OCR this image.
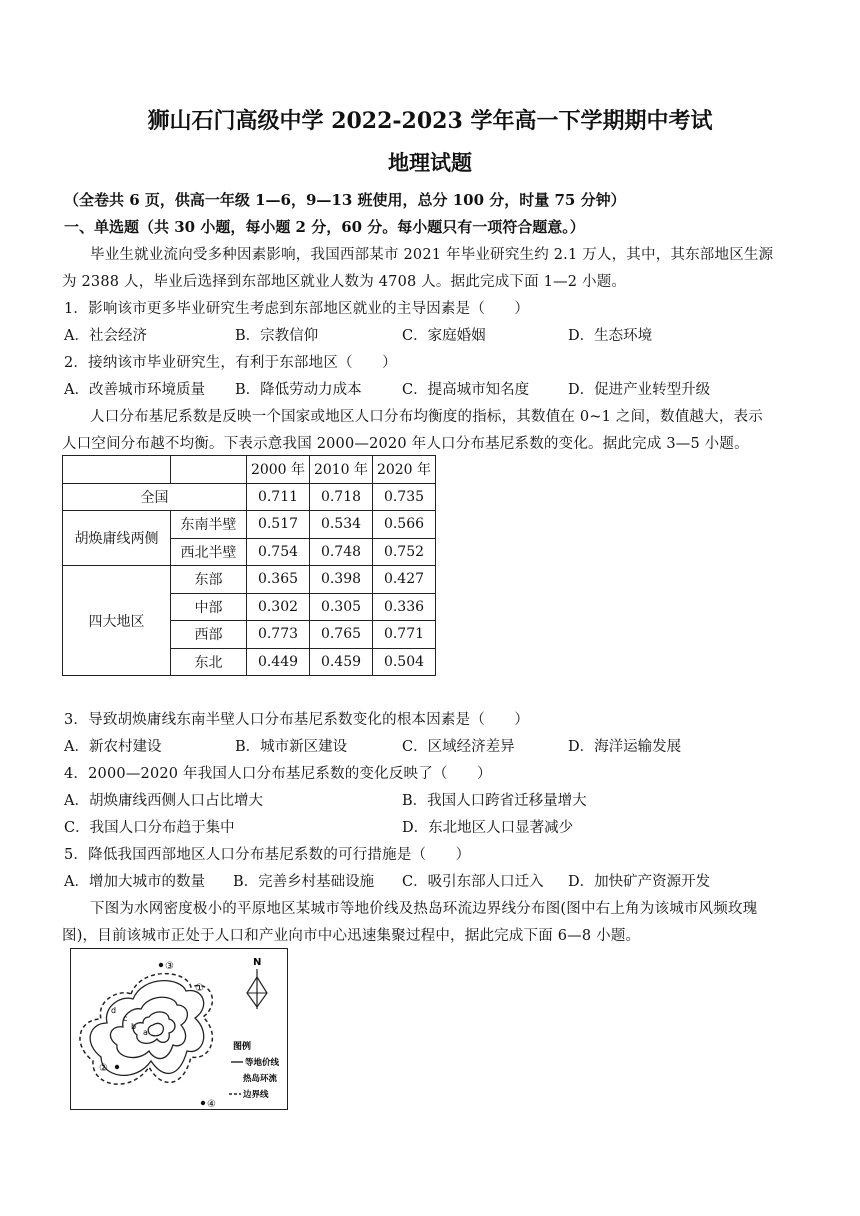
狮山石门高级中学 2022-2023 学年高一下学期期中考试
地理试题
（全卷共 6 页，供高一年级 1—6，9—13 班使用，总分 100 分，时量 75 分钟）
一、单选题（共 30 小题，每小题 2 分，60 分。每小题只有一项符合题意。）
毕业生就业流向受多种因素影响，我国西部某市 2021 年毕业研究生约 2.1 万人，其中，其东部地区生源
为 2388 人，毕业后选择到东部地区就业人数为 4708 人。据此完成下面 1—2 小题。
1．影响该市更多毕业研究生考虑到东部地区就业的主导因素是（　　）
A．社会经济	B．宗教信仰	C．家庭婚姻	D．生态环境
2．接纳该市毕业研究生，有利于东部地区（　　）
A．改善城市环境质量 B．降低劳动力成本	C．提高城市知名度	D．促进产业转型升级
人口分布基尼系数是反映一个国家或地区人口分布均衡度的指标，其数值在 0~1 之间，数值越大，表示
人口空间分布越不均衡。下表示意我国 2000—2020 年人口分布基尼系数的变化。据此完成 3—5 小题。
		2000 年	2010 年	2020 年
全国		0.711	0.718	0.735
胡焕庸线两侧	东南半壁	0.517	0.534	0.566
	西北半壁	0.754	0.748	0.752
四大地区	东部	0.365	0.398	0.427
	中部	0.302	0.305	0.336
	西部	0.773	0.765	0.771
	东北	0.449	0.459	0.504
3．导致胡焕庸线东南半壁人口分布基尼系数变化的根本因素是（　　）
A．新农村建设	B．城市新区建设	C．区域经济差异	D．海洋运输发展
4．2000—2020 年我国人口分布基尼系数的变化反映了（　　）
A．胡焕庸线西侧人口占比增大	B．我国人口跨省迁移量增大
C．我国人口分布趋于集中	D．东北地区人口显著减少
5．降低我国西部地区人口分布基尼系数的可行措施是（　　）
A．增加大城市的数量 B．完善乡村基础设施 C．吸引东部人口迁入 D．加快矿产资源开发
下图为水网密度极小的平原地区某城市等地价线及热岛环流边界线分布图(图中右上角为该城市风频玫瑰
图)，目前该城市正处于人口和产业向市中心迅速集聚过程中，据此完成下面 6—8 小题。
a
b
c
d
③
①
②
④
N
图例
等地价线
热岛环流
边界线
